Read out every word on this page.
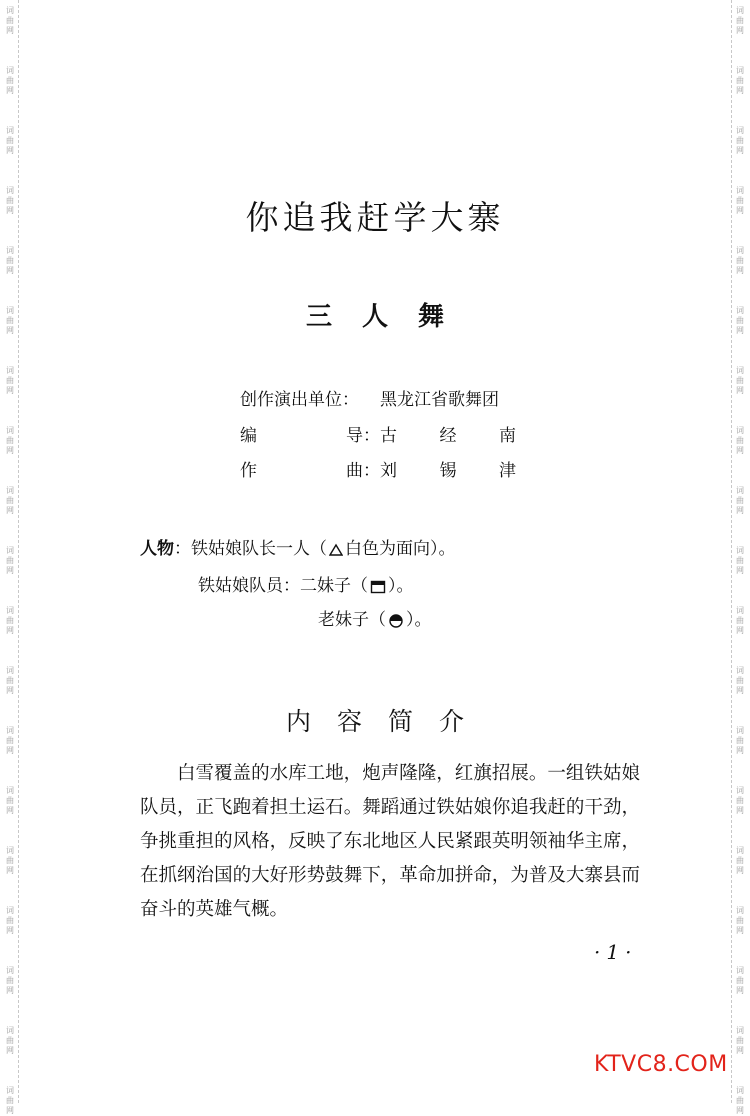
你追我赶学大寨
三人舞
创作演出单位： 黑龙江省歌舞团
编	导： 古	经	南
作	曲： 刘	锡	津
人物：铁姑娘队长一人（ 白色为面向）。
铁姑娘队员：二妹子（ ）。
老妹子（ ）。
内容简介
白雪覆盖的水库工地，炮声隆隆，红旗招展。一组铁姑娘队员，正飞跑着担土运石。舞蹈通过铁姑娘你追我赶的干劲，争挑重担的风格，反映了东北地区人民紧跟英明领袖华主席，在抓纲治国的大好形势鼓舞下，革命加拼命，为普及大寨县而奋斗的英雄气概。
·1·
KTVC8.COM
词
曲
网
词
曲
网
词
曲
网
词
曲
网
词
曲
网
词
曲
网
词
曲
网
词
曲
网
词
曲
网
词
曲
网
词
曲
网
词
曲
网
词
曲
网
词
曲
网
词
曲
网
词
曲
网
词
曲
网
词
曲
网
词
曲
网
词
曲
网
词
曲
网
词
曲
网
词
曲
网
词
曲
网
词
曲
网
词
曲
网
词
曲
网
词
曲
网
词
曲
网
词
曲
网
词
曲
网
词
曲
网
词
曲
网
词
曲
网
词
曲
网
词
曲
网
词
曲
网
词
曲
网
